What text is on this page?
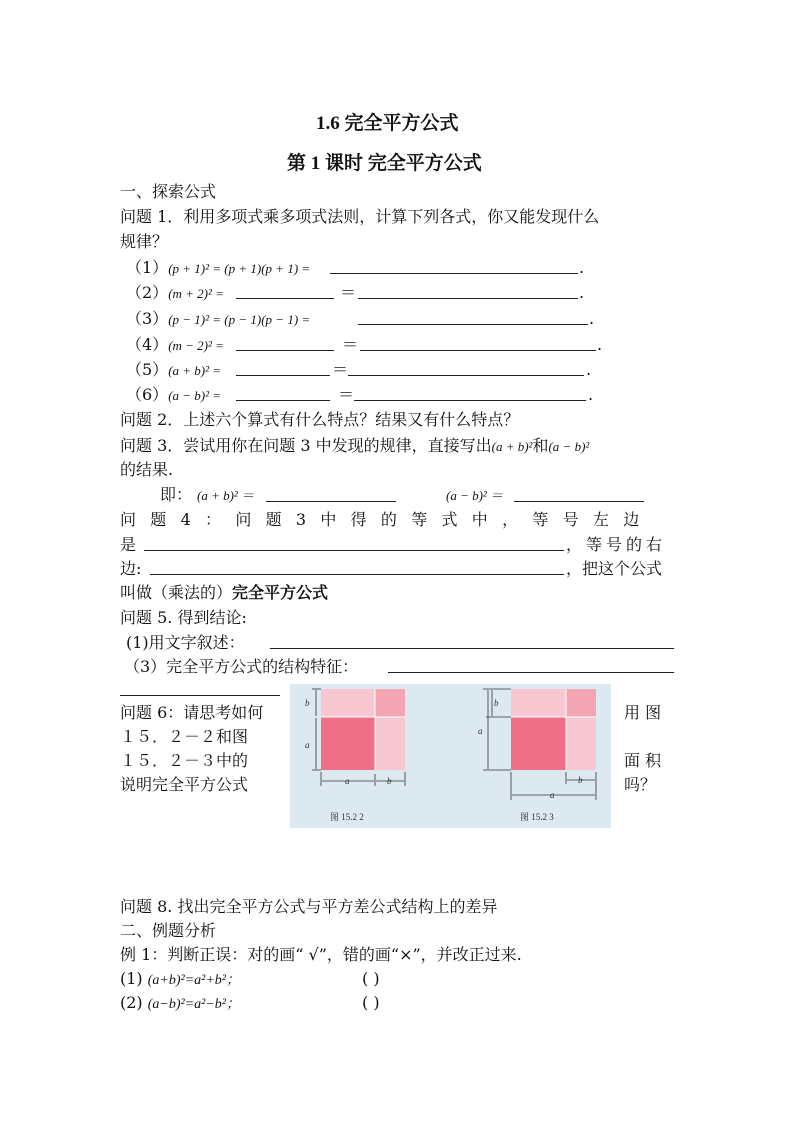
1.6 完全平方公式
第 1 课时 完全平方公式
一、探索公式
问题 1．利用多项式乘多项式法则，计算下列各式，你又能发现什么
规律？
（1）(p + 1)² = (p + 1)(p + 1) =	.
（2）(m + 2)² =	＝	.
（3）(p − 1)² = (p − 1)(p − 1) =	.
（4）(m − 2)² =	＝	.
（5）(a + b)² =	＝	.
（6）(a − b)² =	＝	.
问题 2．上述六个算式有什么特点？结果又有什么特点？
问题 3．尝试用你在问题 3 中发现的规律，直接写出(a + b)²和(a − b)²
的结果.
即： (a + b)² ＝	(a − b)² ＝
问 题 4 ： 问 题 3 中 得 的 等 式 中 ， 等 号 左 边
是	，等号的右
边:	，把这个公式
叫做（乘法的）完全平方公式
问题 5. 得到结论:
(1)用文字叙述：
（3）完全平方公式的结构特征：
问题 6：请思考如何
１５．２－２和图
１５．２－３中的
说明完全平方公式
用 图
面 积
吗？
b
a
a	b
图 15.2 2
b
a
b
a
图 15.2 3
问题 8. 找出完全平方公式与平方差公式结构上的差异
二、例题分析
例 1：判断正误：对的画“ √”，错的画“×”，并改正过来.
(1) (a+b)²=a²+b²；	( )
(2) (a−b)²=a²−b²；	( )
